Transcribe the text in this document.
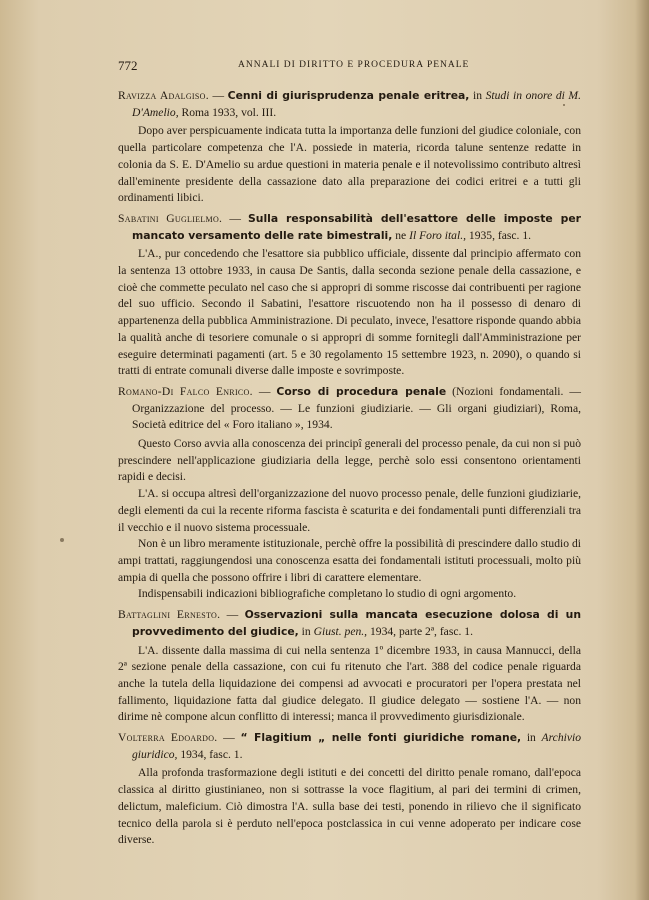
772	ANNALI DI DIRITTO E PROCEDURA PENALE

Ravizza Adalgiso. — Cenni di giurisprudenza penale eritrea, in Studi in onore di M. D'Amelio, Roma 1933, vol. III.

Dopo aver perspicuamente indicata tutta la importanza delle funzioni del giudice coloniale, con quella particolare competenza che l'A. possiede in materia, ricorda talune sentenze redatte in colonia da S. E. D'Amelio su ardue questioni in materia penale e il notevolissimo contributo altresì dall'eminente presidente della cassazione dato alla preparazione dei codici eritrei e a tutti gli ordinamenti libici.

Sabatini Guglielmo. — Sulla responsabilità dell'esattore delle imposte per mancato versamento delle rate bimestrali, ne Il Foro ital., 1935, fasc. 1.

L'A., pur concedendo che l'esattore sia pubblico ufficiale, dissente dal principio affermato con la sentenza 13 ottobre 1933, in causa De Santis, dalla seconda sezione penale della cassazione, e cioè che commette peculato nel caso che si appropri di somme riscosse dai contribuenti per ragione del suo ufficio. Secondo il Sabatini, l'esattore riscuotendo non ha il possesso di denaro di appartenenza della pubblica Amministrazione. Di peculato, invece, l'esattore risponde quando abbia la qualità anche di tesoriere comunale o si appropri di somme fornitegli dall'Amministrazione per eseguire determinati pagamenti (art. 5 e 30 regolamento 15 settembre 1923, n. 2090), o quando si tratti di entrate comunali diverse dalle imposte e sovrimposte.

Romano-Di Falco Enrico. — Corso di procedura penale (Nozioni fondamentali. — Organizzazione del processo. — Le funzioni giudiziarie. — Gli organi giudiziari), Roma, Società editrice del « Foro italiano », 1934.

Questo Corso avvia alla conoscenza dei principî generali del processo penale, da cui non si può prescindere nell'applicazione giudiziaria della legge, perchè solo essi consentono orientamenti rapidi e decisi.

L'A. si occupa altresì dell'organizzazione del nuovo processo penale, delle funzioni giudiziarie, degli elementi da cui la recente riforma fascista è scaturita e dei fondamentali punti differenziali tra il vecchio e il nuovo sistema processuale.

Non è un libro meramente istituzionale, perchè offre la possibilità di prescindere dallo studio di ampi trattati, raggiungendosi una conoscenza esatta dei fondamentali istituti processuali, molto più ampia di quella che possono offrire i libri di carattere elementare.

Indispensabili indicazioni bibliografiche completano lo studio di ogni argomento.

Battaglini Ernesto. — Osservazioni sulla mancata esecuzione dolosa di un provvedimento del giudice, in Giust. pen., 1934, parte 2ª, fasc. 1.

L'A. dissente dalla massima di cui nella sentenza 1º dicembre 1933, in causa Mannucci, della 2ª sezione penale della cassazione, con cui fu ritenuto che l'art. 388 del codice penale riguarda anche la tutela della liquidazione dei compensi ad avvocati e procuratori per l'opera prestata nel fallimento, liquidazione fatta dal giudice delegato. Il giudice delegato — sostiene l'A. — non dirime nè compone alcun conflitto di interessi; manca il provvedimento giurisdizionale.

Volterra Edoardo. — “ Flagitium „ nelle fonti giuridiche romane, in Archivio giuridico, 1934, fasc. 1.

Alla profonda trasformazione degli istituti e dei concetti del diritto penale romano, dall'epoca classica al diritto giustinianeo, non si sottrasse la voce flagitium, al pari dei termini di crimen, delictum, maleficium. Ciò dimostra l'A. sulla base dei testi, ponendo in rilievo che il significato tecnico della parola si è perduto nell'epoca postclassica in cui venne adoperato per indicare cose diverse.
